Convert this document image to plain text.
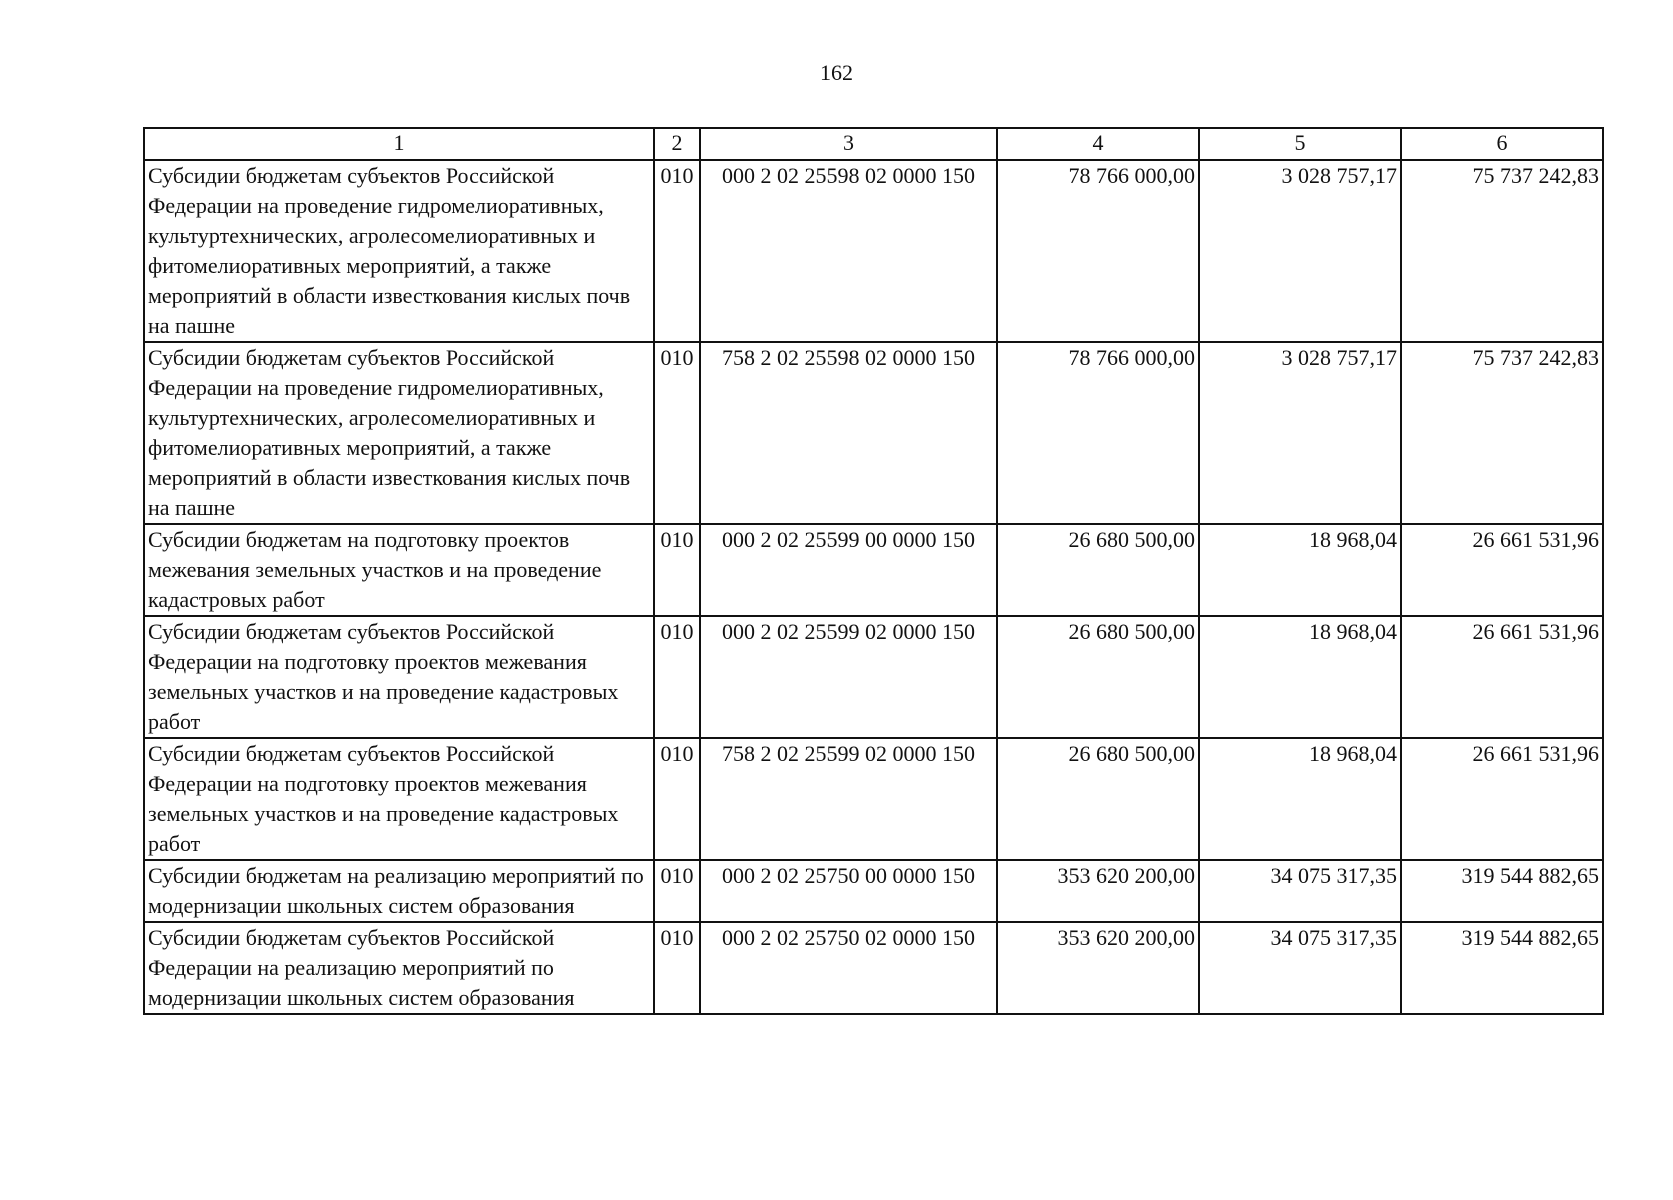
162
1	2	3	4	5	6
Субсидии бюджетам субъектов Российской Федерации на проведение гидромелиоративных, культуртехнических, агролесомелиоративных и фитомелиоративных мероприятий, а также мероприятий в области известкования кислых почв на пашне	010	000 2 02 25598 02 0000 150	78 766 000,00	3 028 757,17	75 737 242,83
Субсидии бюджетам субъектов Российской Федерации на проведение гидромелиоративных, культуртехнических, агролесомелиоративных и фитомелиоративных мероприятий, а также мероприятий в области известкования кислых почв на пашне	010	758 2 02 25598 02 0000 150	78 766 000,00	3 028 757,17	75 737 242,83
Субсидии бюджетам на подготовку проектов межевания земельных участков и на проведение кадастровых работ	010	000 2 02 25599 00 0000 150	26 680 500,00	18 968,04	26 661 531,96
Субсидии бюджетам субъектов Российской Федерации на подготовку проектов межевания земельных участков и на проведение кадастровых работ	010	000 2 02 25599 02 0000 150	26 680 500,00	18 968,04	26 661 531,96
Субсидии бюджетам субъектов Российской Федерации на подготовку проектов межевания земельных участков и на проведение кадастровых работ	010	758 2 02 25599 02 0000 150	26 680 500,00	18 968,04	26 661 531,96
Субсидии бюджетам на реализацию мероприятий по модернизации школьных систем образования	010	000 2 02 25750 00 0000 150	353 620 200,00	34 075 317,35	319 544 882,65
Субсидии бюджетам субъектов Российской Федерации на реализацию мероприятий по модернизации школьных систем образования	010	000 2 02 25750 02 0000 150	353 620 200,00	34 075 317,35	319 544 882,65
